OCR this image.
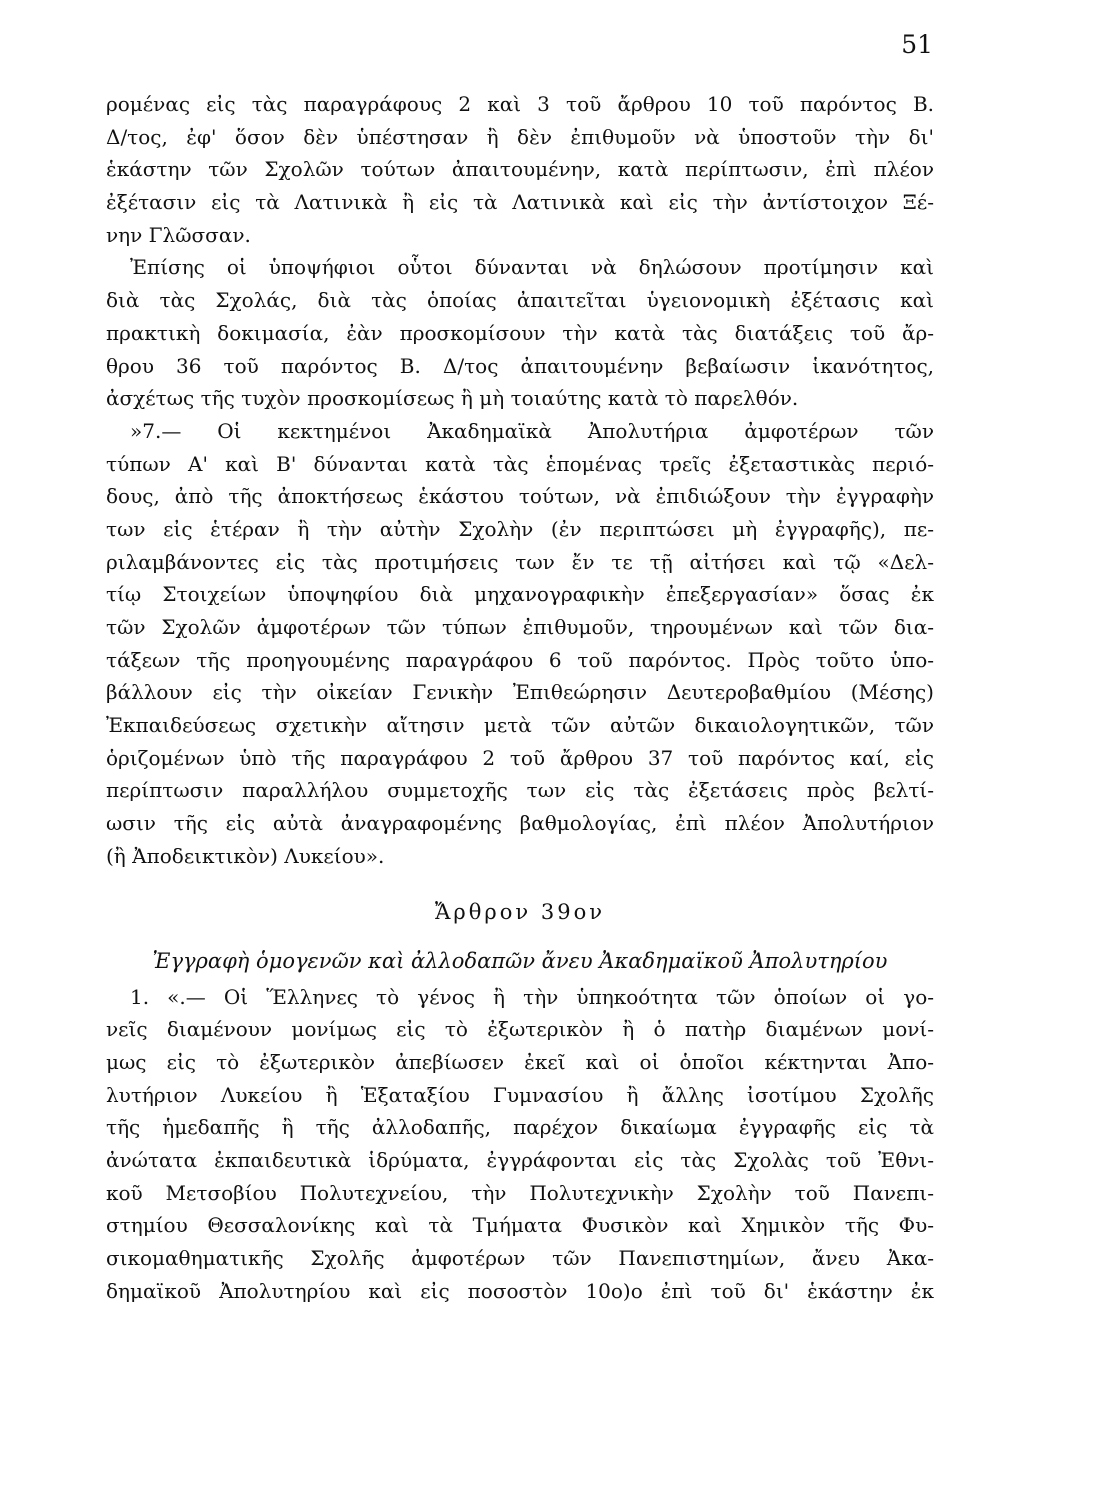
51
ρομένας εἰς τὰς παραγράφους 2 καὶ 3 τοῦ ἄρθρου 10 τοῦ παρόντος Β.
Δ/τος, ἐφ' ὅσον δὲν ὑπέστησαν ἢ δὲν ἐπιθυμοῦν νὰ ὑποστοῦν τὴν δι'
ἑκάστην τῶν Σχολῶν τούτων ἀπαιτουμένην, κατὰ περίπτωσιν, ἐπὶ πλέον
ἐξέτασιν εἰς τὰ Λατινικὰ ἢ εἰς τὰ Λατινικὰ καὶ εἰς τὴν ἀντίστοιχον Ξέ-
νην Γλῶσσαν.
Ἐπίσης οἱ ὑποψήφιοι οὗτοι δύνανται νὰ δηλώσουν προτίμησιν καὶ
διὰ τὰς Σχολάς, διὰ τὰς ὁποίας ἀπαιτεῖται ὑγειονομικὴ ἐξέτασις καὶ
πρακτικὴ δοκιμασία, ἐὰν προσκομίσουν τὴν κατὰ τὰς διατάξεις τοῦ ἄρ-
θρου 36 τοῦ παρόντος Β. Δ/τος ἀπαιτουμένην βεβαίωσιν ἱκανότητος,
ἀσχέτως τῆς τυχὸν προσκομίσεως ἢ μὴ τοιαύτης κατὰ τὸ παρελθόν.
»7.— Οἱ κεκτημένοι Ἀκαδημαϊκὰ Ἀπολυτήρια ἀμφοτέρων τῶν
τύπων Α' καὶ Β' δύνανται κατὰ τὰς ἑπομένας τρεῖς ἐξεταστικὰς περιό-
δους, ἀπὸ τῆς ἀποκτήσεως ἑκάστου τούτων, νὰ ἐπιδιώξουν τὴν ἐγγραφὴν
των εἰς ἑτέραν ἢ τὴν αὐτὴν Σχολὴν (ἐν περιπτώσει μὴ ἐγγραφῆς), πε-
ριλαμβάνοντες εἰς τὰς προτιμήσεις των ἔν τε τῇ αἰτήσει καὶ τῷ «Δελ-
τίῳ Στοιχείων ὑποψηφίου διὰ μηχανογραφικὴν ἐπεξεργασίαν» ὅσας ἐκ
τῶν Σχολῶν ἀμφοτέρων τῶν τύπων ἐπιθυμοῦν, τηρουμένων καὶ τῶν δια-
τάξεων τῆς προηγουμένης παραγράφου 6 τοῦ παρόντος. Πρὸς τοῦτο ὑπο-
βάλλουν εἰς τὴν οἰκείαν Γενικὴν Ἐπιθεώρησιν Δευτεροβαθμίου (Μέσης)
Ἐκπαιδεύσεως σχετικὴν αἴτησιν μετὰ τῶν αὐτῶν δικαιολογητικῶν, τῶν
ὁριζομένων ὑπὸ τῆς παραγράφου 2 τοῦ ἄρθρου 37 τοῦ παρόντος καί, εἰς
περίπτωσιν παραλλήλου συμμετοχῆς των εἰς τὰς ἐξετάσεις πρὸς βελτί-
ωσιν τῆς εἰς αὐτὰ ἀναγραφομένης βαθμολογίας, ἐπὶ πλέον Ἀπολυτήριον
(ἢ Ἀποδεικτικὸν) Λυκείου».
Ἄρθρον 39ον
Ἐγγραφὴ ὁμογενῶν καὶ ἀλλοδαπῶν ἄνευ Ἀκαδημαϊκοῦ Ἀπολυτηρίου
1. «.— Οἱ Ἕλληνες τὸ γένος ἢ τὴν ὑπηκοότητα τῶν ὁποίων οἱ γο-
νεῖς διαμένουν μονίμως εἰς τὸ ἐξωτερικὸν ἢ ὁ πατὴρ διαμένων μονί-
μως εἰς τὸ ἐξωτερικὸν ἀπεβίωσεν ἐκεῖ καὶ οἱ ὁποῖοι κέκτηνται Ἀπο-
λυτήριον Λυκείου ἢ Ἑξαταξίου Γυμνασίου ἢ ἄλλης ἰσοτίμου Σχολῆς
τῆς ἡμεδαπῆς ἢ τῆς ἀλλοδαπῆς, παρέχον δικαίωμα ἐγγραφῆς εἰς τὰ
ἀνώτατα ἐκπαιδευτικὰ ἱδρύματα, ἐγγράφονται εἰς τὰς Σχολὰς τοῦ Ἐθνι-
κοῦ Μετσοβίου Πολυτεχνείου, τὴν Πολυτεχνικὴν Σχολὴν τοῦ Πανεπι-
στημίου Θεσσαλονίκης καὶ τὰ Τμήματα Φυσικὸν καὶ Χημικὸν τῆς Φυ-
σικομαθηματικῆς Σχολῆς ἀμφοτέρων τῶν Πανεπιστημίων, ἄνευ Ἀκα-
δημαϊκοῦ Ἀπολυτηρίου καὶ εἰς ποσοστὸν 10ο)ο ἐπὶ τοῦ δι' ἑκάστην ἐκ
